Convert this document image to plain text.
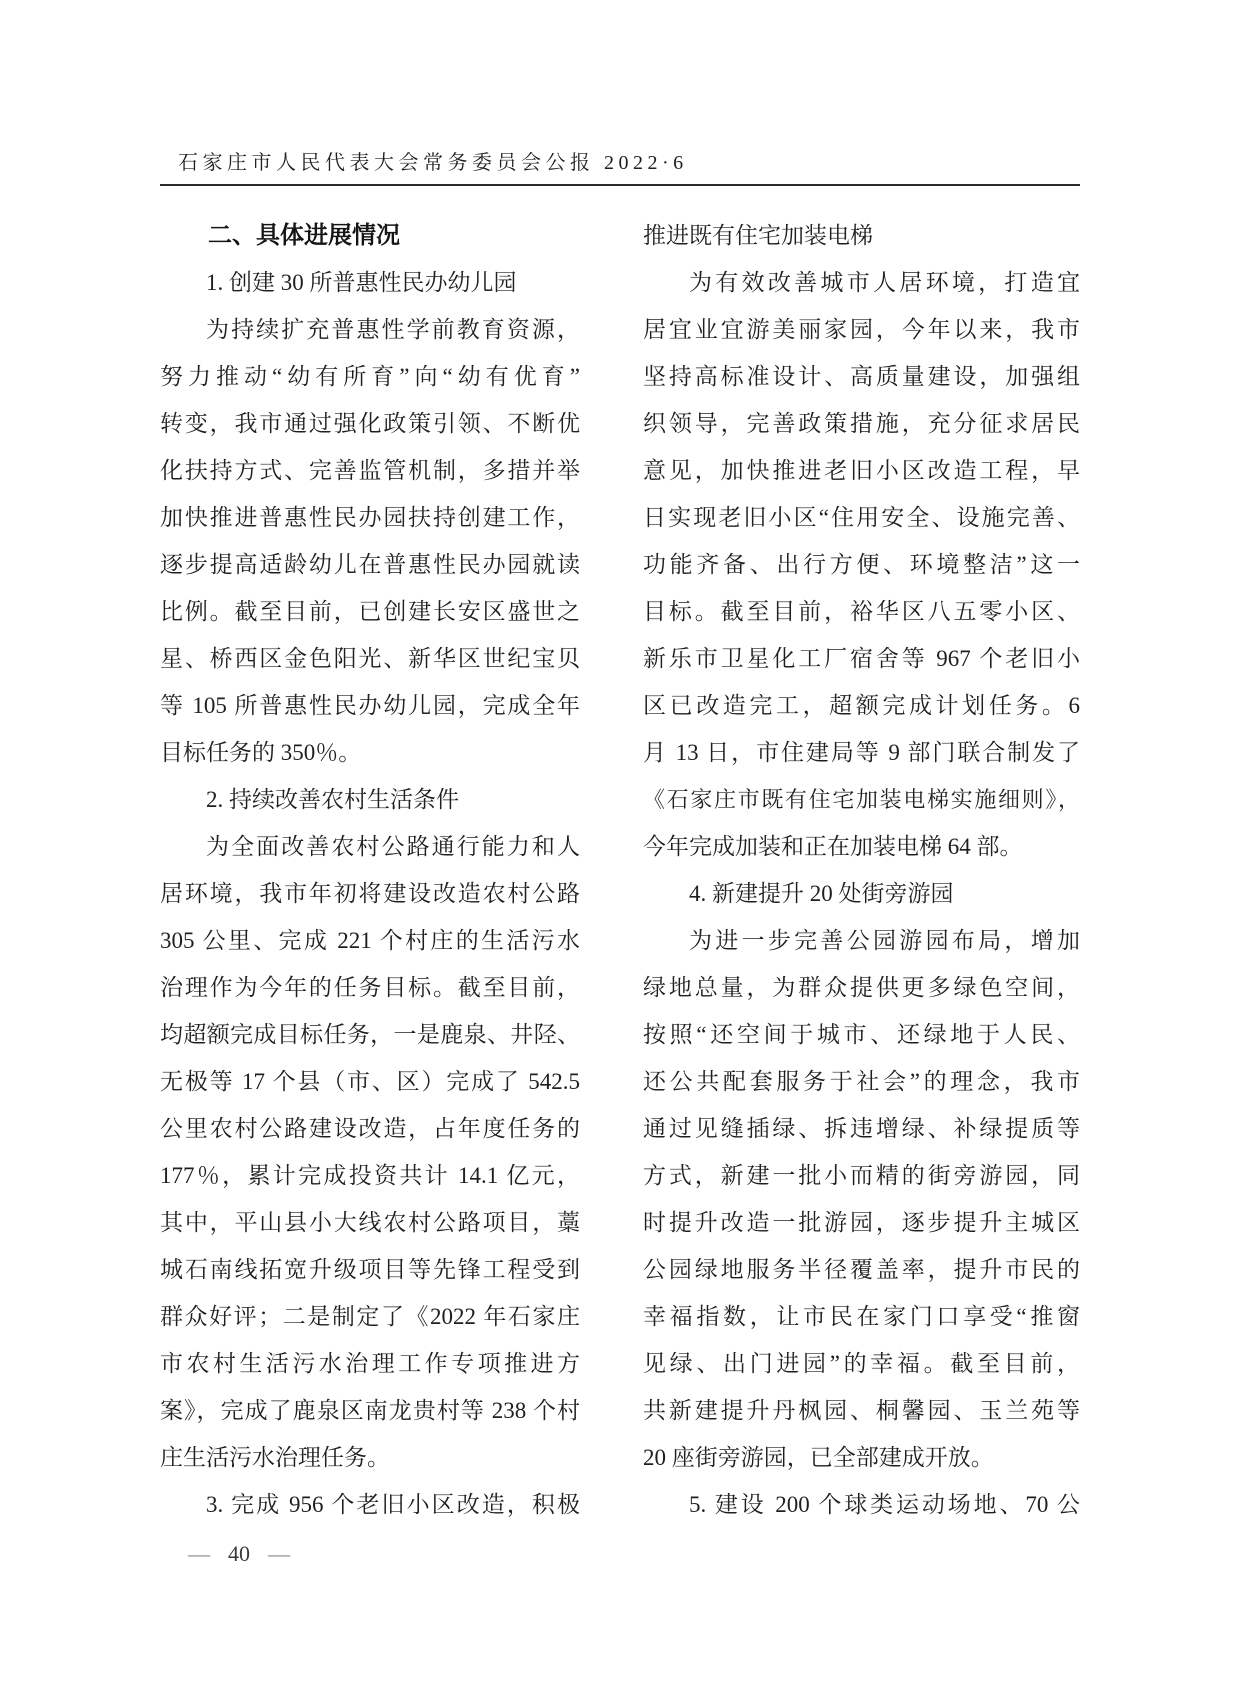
石家庄市人民代表大会常务委员会公报 2022·6
二、具体进展情况
1. 创建 30 所普惠性民办幼儿园
为持续扩充普惠性学前教育资源，
努力推动“幼有所育”向“幼有优育”
转变，我市通过强化政策引领、不断优
化扶持方式、完善监管机制，多措并举
加快推进普惠性民办园扶持创建工作，
逐步提高适龄幼儿在普惠性民办园就读
比例。截至目前，已创建长安区盛世之
星、桥西区金色阳光、新华区世纪宝贝
等 105 所普惠性民办幼儿园，完成全年
目标任务的 350％。
2. 持续改善农村生活条件
为全面改善农村公路通行能力和人
居环境，我市年初将建设改造农村公路
305 公里、完成 221 个村庄的生活污水
治理作为今年的任务目标。截至目前，
均超额完成目标任务，一是鹿泉、井陉、
无极等 17 个县（市、区）完成了 542.5
公里农村公路建设改造，占年度任务的
177％，累计完成投资共计 14.1 亿元，
其中，平山县小大线农村公路项目，藁
城石南线拓宽升级项目等先锋工程受到
群众好评；二是制定了《2022 年石家庄
市农村生活污水治理工作专项推进方
案》，完成了鹿泉区南龙贵村等 238 个村
庄生活污水治理任务。
3. 完成 956 个老旧小区改造，积极
推进既有住宅加装电梯
为有效改善城市人居环境，打造宜
居宜业宜游美丽家园，今年以来，我市
坚持高标准设计、高质量建设，加强组
织领导，完善政策措施，充分征求居民
意见，加快推进老旧小区改造工程，早
日实现老旧小区“住用安全、设施完善、
功能齐备、出行方便、环境整洁”这一
目标。截至目前，裕华区八五零小区、
新乐市卫星化工厂宿舍等 967 个老旧小
区已改造完工，超额完成计划任务。6
月 13 日，市住建局等 9 部门联合制发了
《石家庄市既有住宅加装电梯实施细则》，
今年完成加装和正在加装电梯 64 部。
4. 新建提升 20 处街旁游园
为进一步完善公园游园布局，增加
绿地总量，为群众提供更多绿色空间，
按照“还空间于城市、还绿地于人民、
还公共配套服务于社会”的理念，我市
通过见缝插绿、拆违增绿、补绿提质等
方式，新建一批小而精的街旁游园，同
时提升改造一批游园，逐步提升主城区
公园绿地服务半径覆盖率，提升市民的
幸福指数，让市民在家门口享受“推窗
见绿、出门进园”的幸福。截至目前，
共新建提升丹枫园、桐馨园、玉兰苑等
20 座街旁游园，已全部建成开放。
5. 建设 200 个球类运动场地、70 公
— 40 —
